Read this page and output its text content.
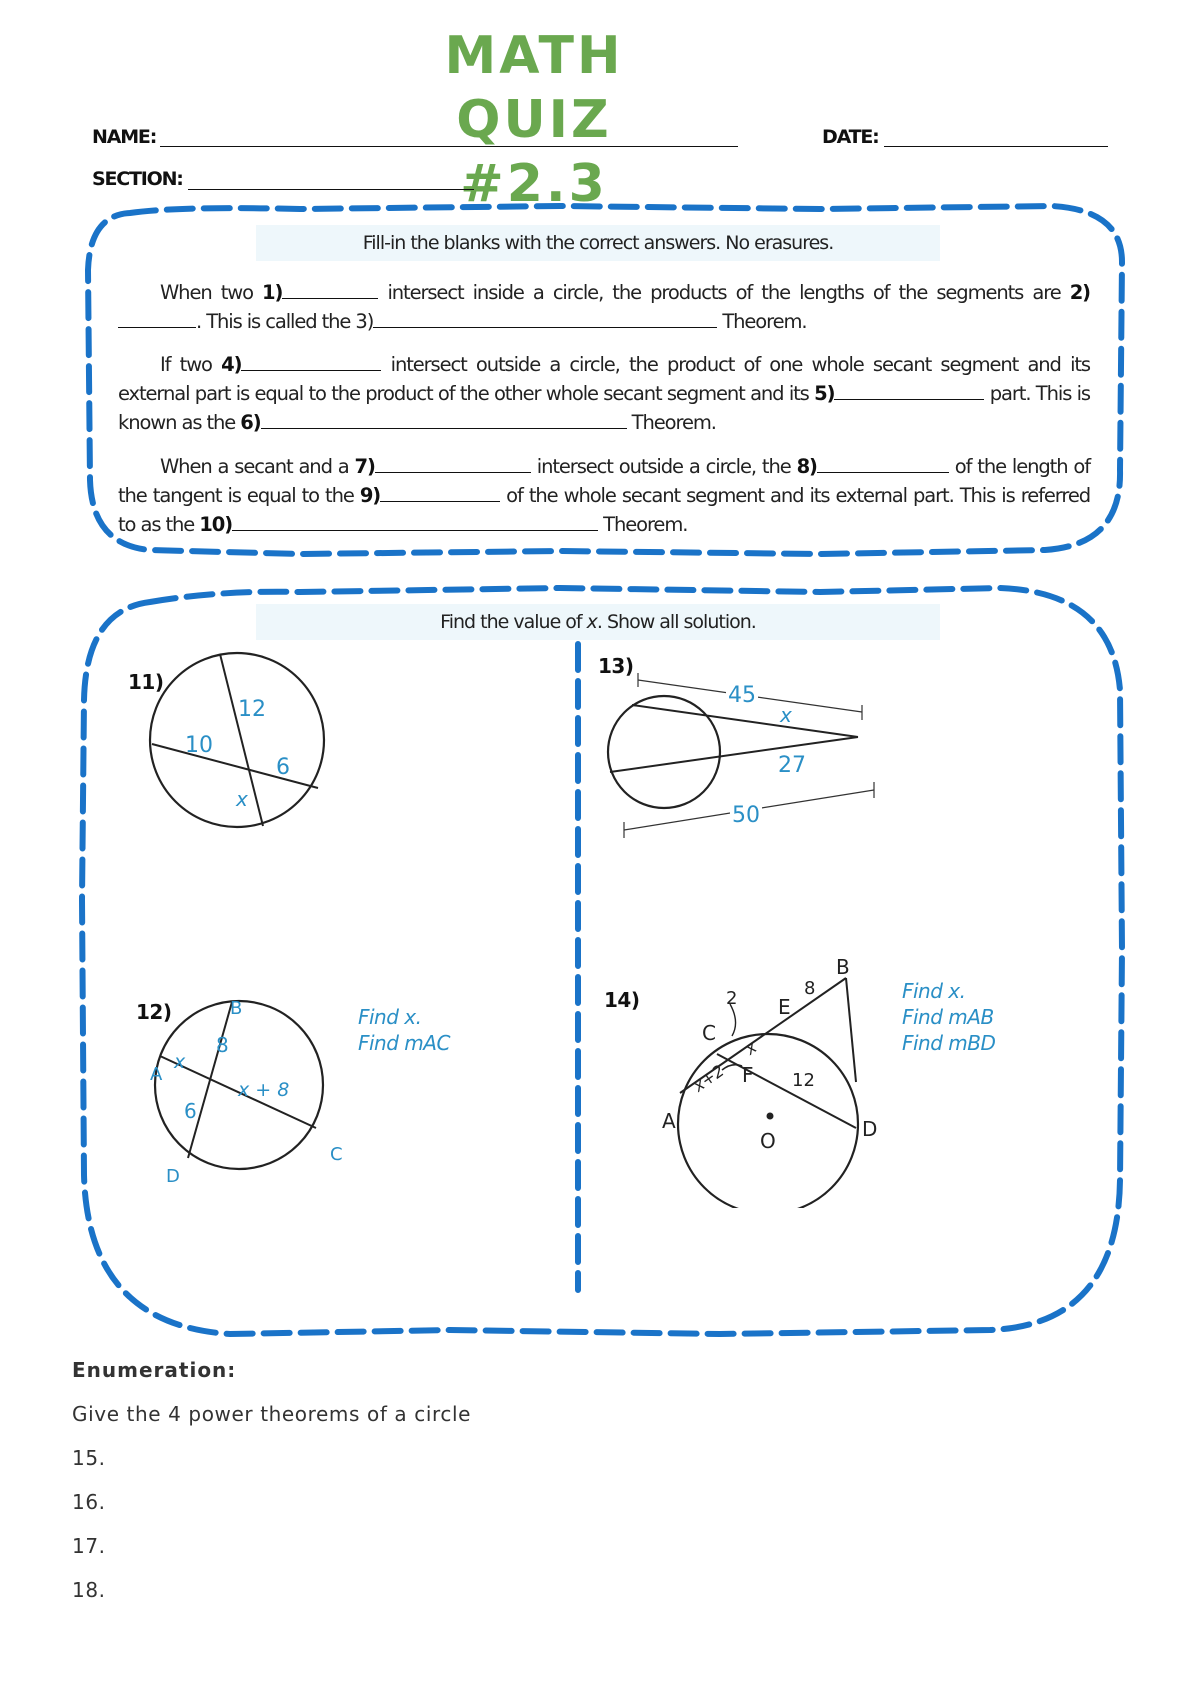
MATH
QUIZ
#2.3
NAME:	DATE:
SECTION:
Fill-in the blanks with the correct answers. No erasures.
When two 1)	intersect inside a circle, the products of the lengths of the segments are 2). This is called the 3)	Theorem.
If two 4)	intersect outside a circle, the product of one whole secant segment and its external part is equal to the product of the other whole secant segment and its 5)	part. This is known as the 6)	Theorem.
When a secant and a 7)	intersect outside a circle, the 8)	of the length of the tangent is equal to the 9)	of the whole secant segment and its external part. This is referred to as the 10)	Theorem.
Find the value of x. Show all solution.
11)
13)
12)	14)
12
10
6
x
45
x
27
50
B
A
D
C
8
6
x
x + 8
Find x.
Find mAC
B
E
C
F
A	D
O
2	8
12
x
x+2
Find x.
Find mAB
Find mBD
Enumeration:
Give the 4 power theorems of a circle
15.
16.
17.
18.
